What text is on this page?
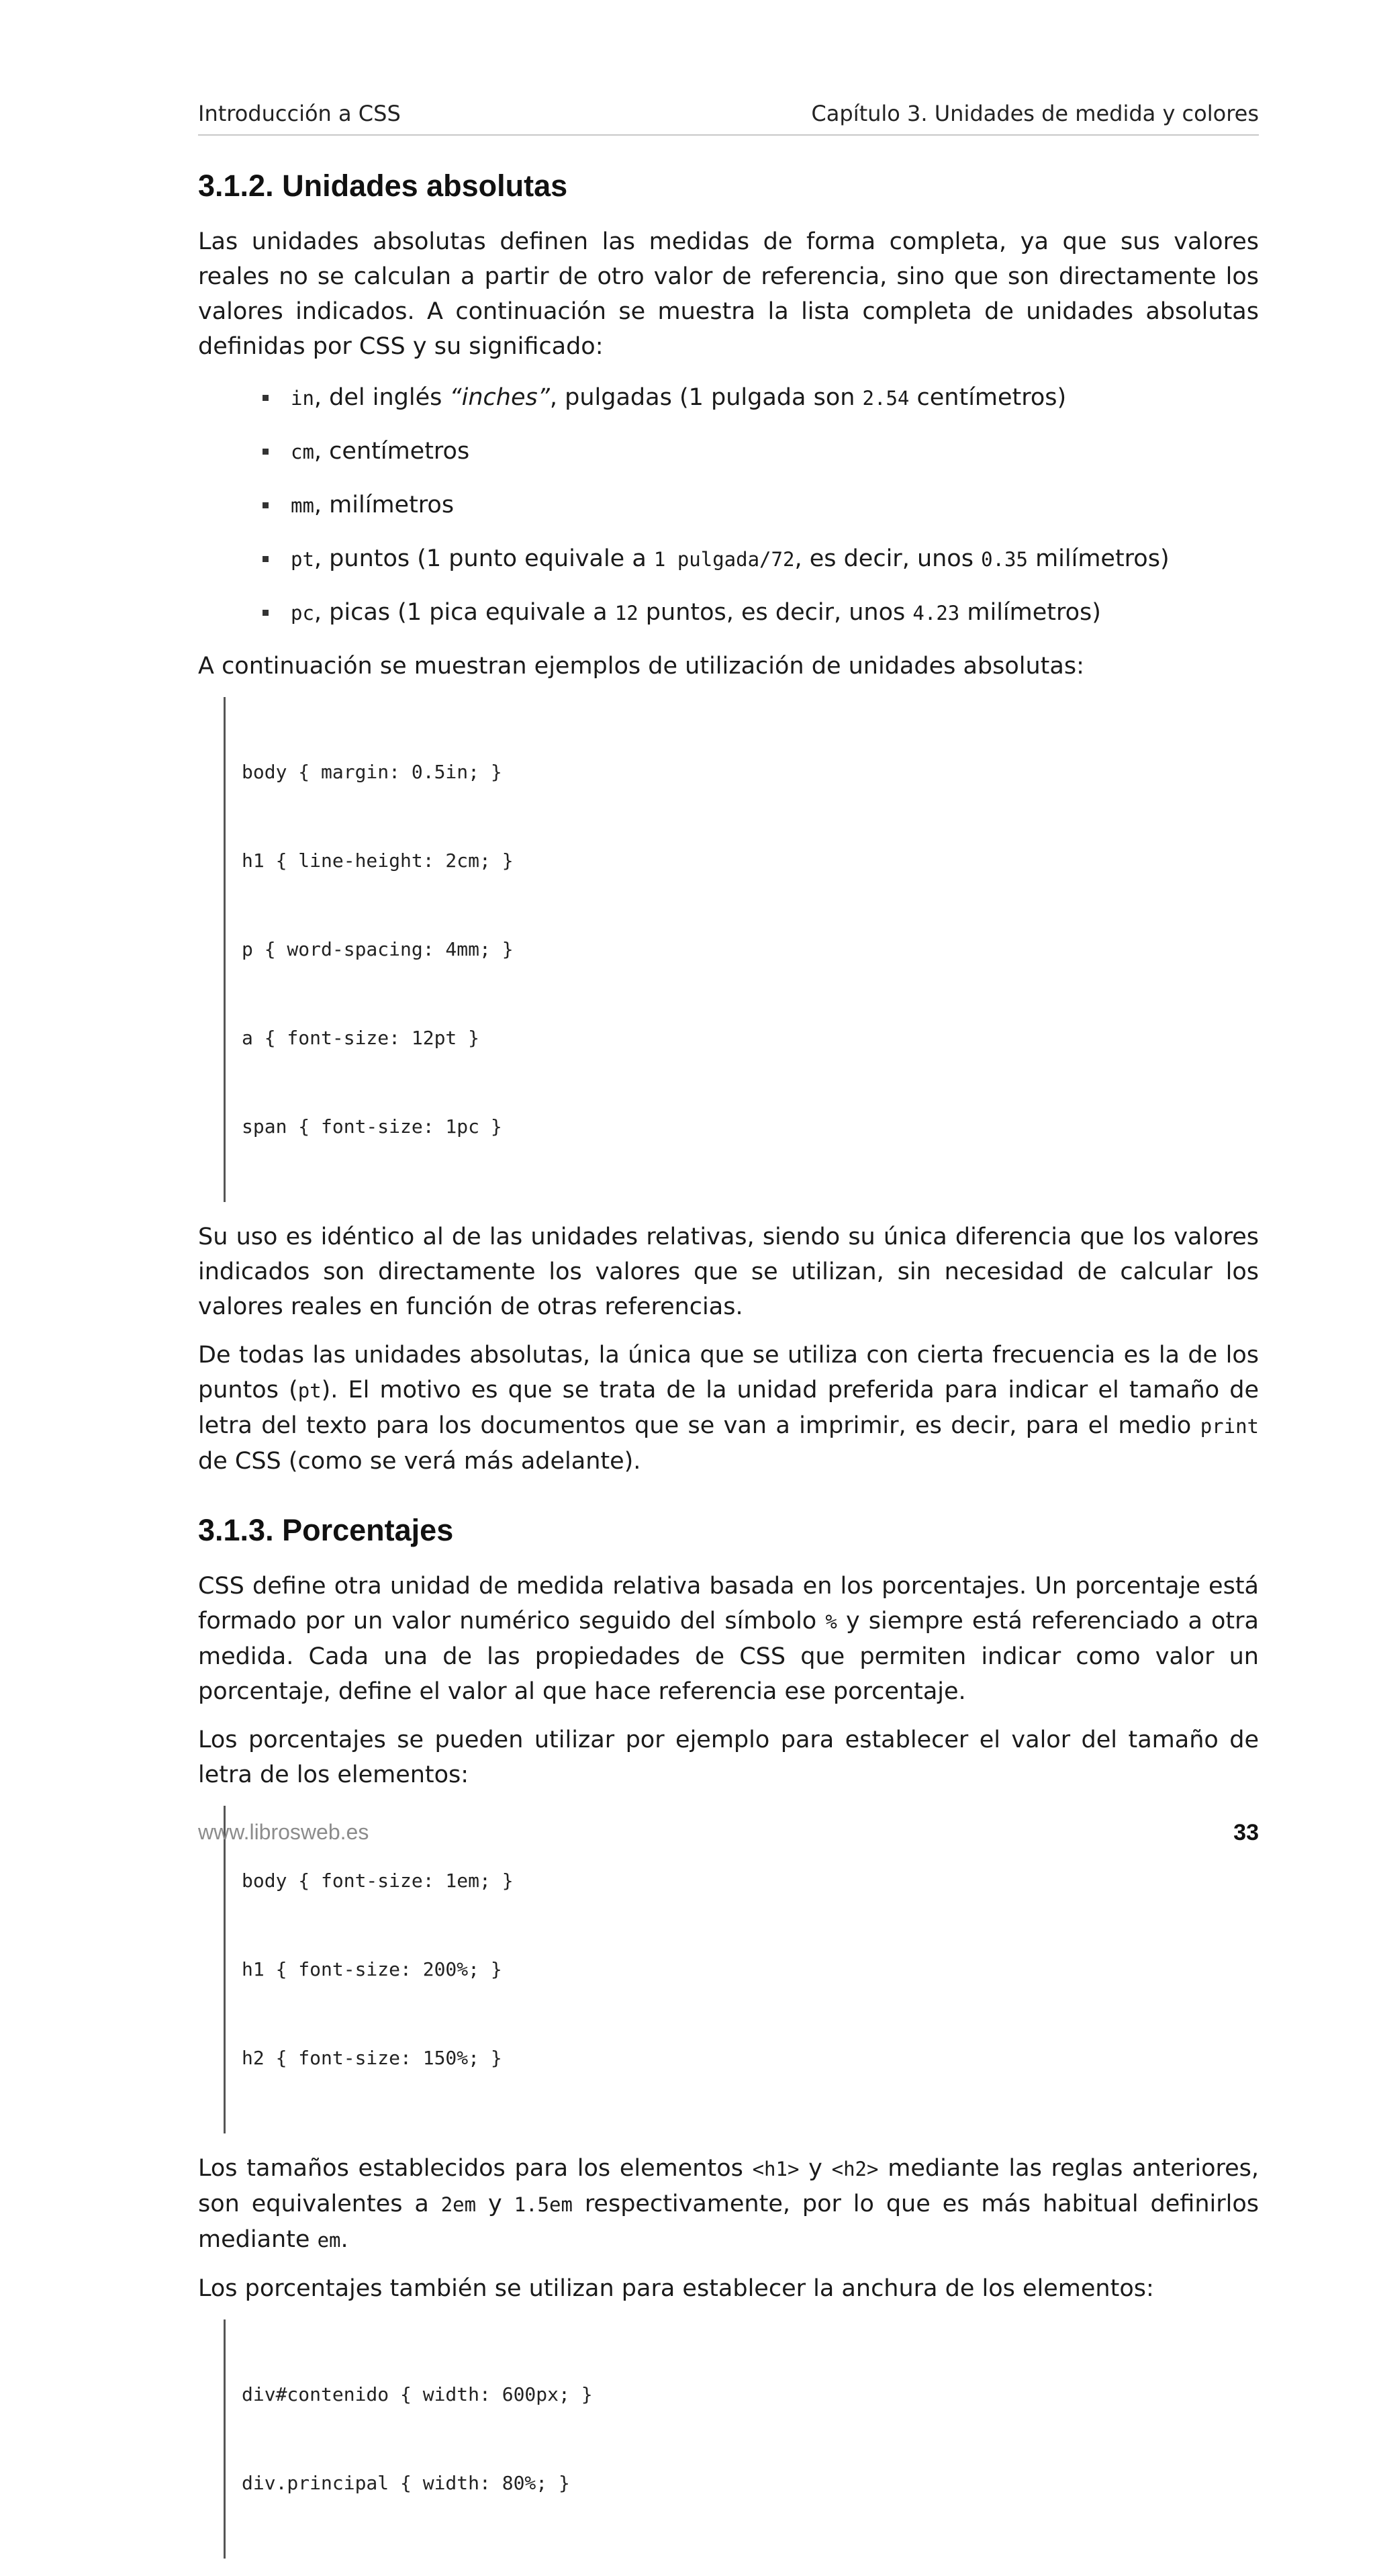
Introducción a CSS	Capítulo 3. Unidades de medida y colores
3.1.2. Unidades absolutas

Las unidades absolutas definen las medidas de forma completa, ya que sus valores reales no se calculan a partir de otro valor de referencia, sino que son directamente los valores indicados. A continuación se muestra la lista completa de unidades absolutas definidas por CSS y su significado:

in, del inglés “inches”, pulgadas (1 pulgada son 2.54 centímetros)
cm, centímetros
mm, milímetros
pt, puntos (1 punto equivale a 1 pulgada/72, es decir, unos 0.35 milímetros)
pc, picas (1 pica equivale a 12 puntos, es decir, unos 4.23 milímetros)

A continuación se muestran ejemplos de utilización de unidades absolutas:

body { margin: 0.5in; }

h1 { line-height: 2cm; }

p { word-spacing: 4mm; }

a { font-size: 12pt }

span { font-size: 1pc }

Su uso es idéntico al de las unidades relativas, siendo su única diferencia que los valores indicados son directamente los valores que se utilizan, sin necesidad de calcular los valores reales en función de otras referencias.

De todas las unidades absolutas, la única que se utiliza con cierta frecuencia es la de los puntos (pt). El motivo es que se trata de la unidad preferida para indicar el tamaño de letra del texto para los documentos que se van a imprimir, es decir, para el medio print de CSS (como se verá más adelante).

3.1.3. Porcentajes

CSS define otra unidad de medida relativa basada en los porcentajes. Un porcentaje está formado por un valor numérico seguido del símbolo % y siempre está referenciado a otra medida. Cada una de las propiedades de CSS que permiten indicar como valor un porcentaje, define el valor al que hace referencia ese porcentaje.

Los porcentajes se pueden utilizar por ejemplo para establecer el valor del tamaño de letra de los elementos:

body { font-size: 1em; }

h1 { font-size: 200%; }

h2 { font-size: 150%; }

Los tamaños establecidos para los elementos <h1> y <h2> mediante las reglas anteriores, son equivalentes a 2em y 1.5em respectivamente, por lo que es más habitual definirlos mediante em.

Los porcentajes también se utilizan para establecer la anchura de los elementos:

div#contenido { width: 600px; }

div.principal { width: 80%; }

www.librosweb.es	33
